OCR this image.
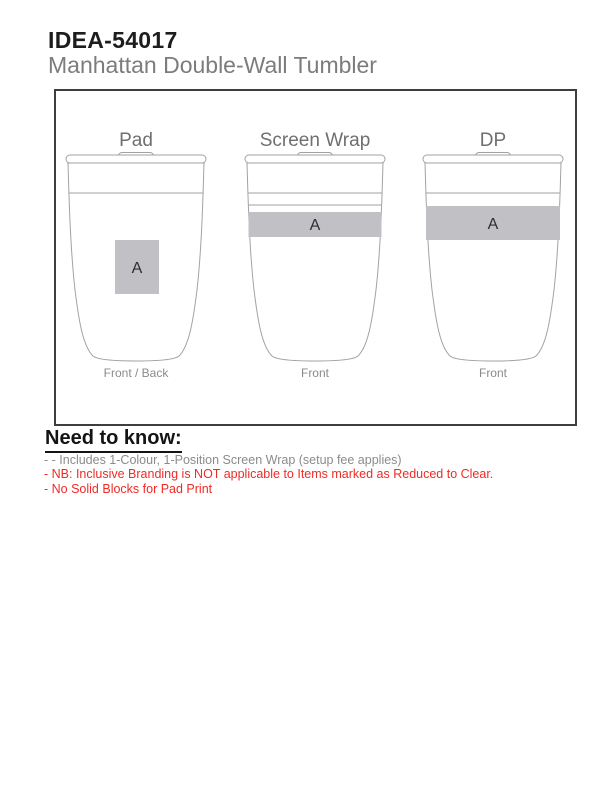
IDEA-54017
Manhattan Double-Wall Tumbler
Pad	Screen Wrap	DP
A
A	A
Front / Back	Front	Front
Need to know:

- - Includes 1-Colour, 1-Position Screen Wrap (setup fee applies)

- NB: Inclusive Branding is NOT applicable to Items marked as Reduced to Clear.

- No Solid Blocks for Pad Print
